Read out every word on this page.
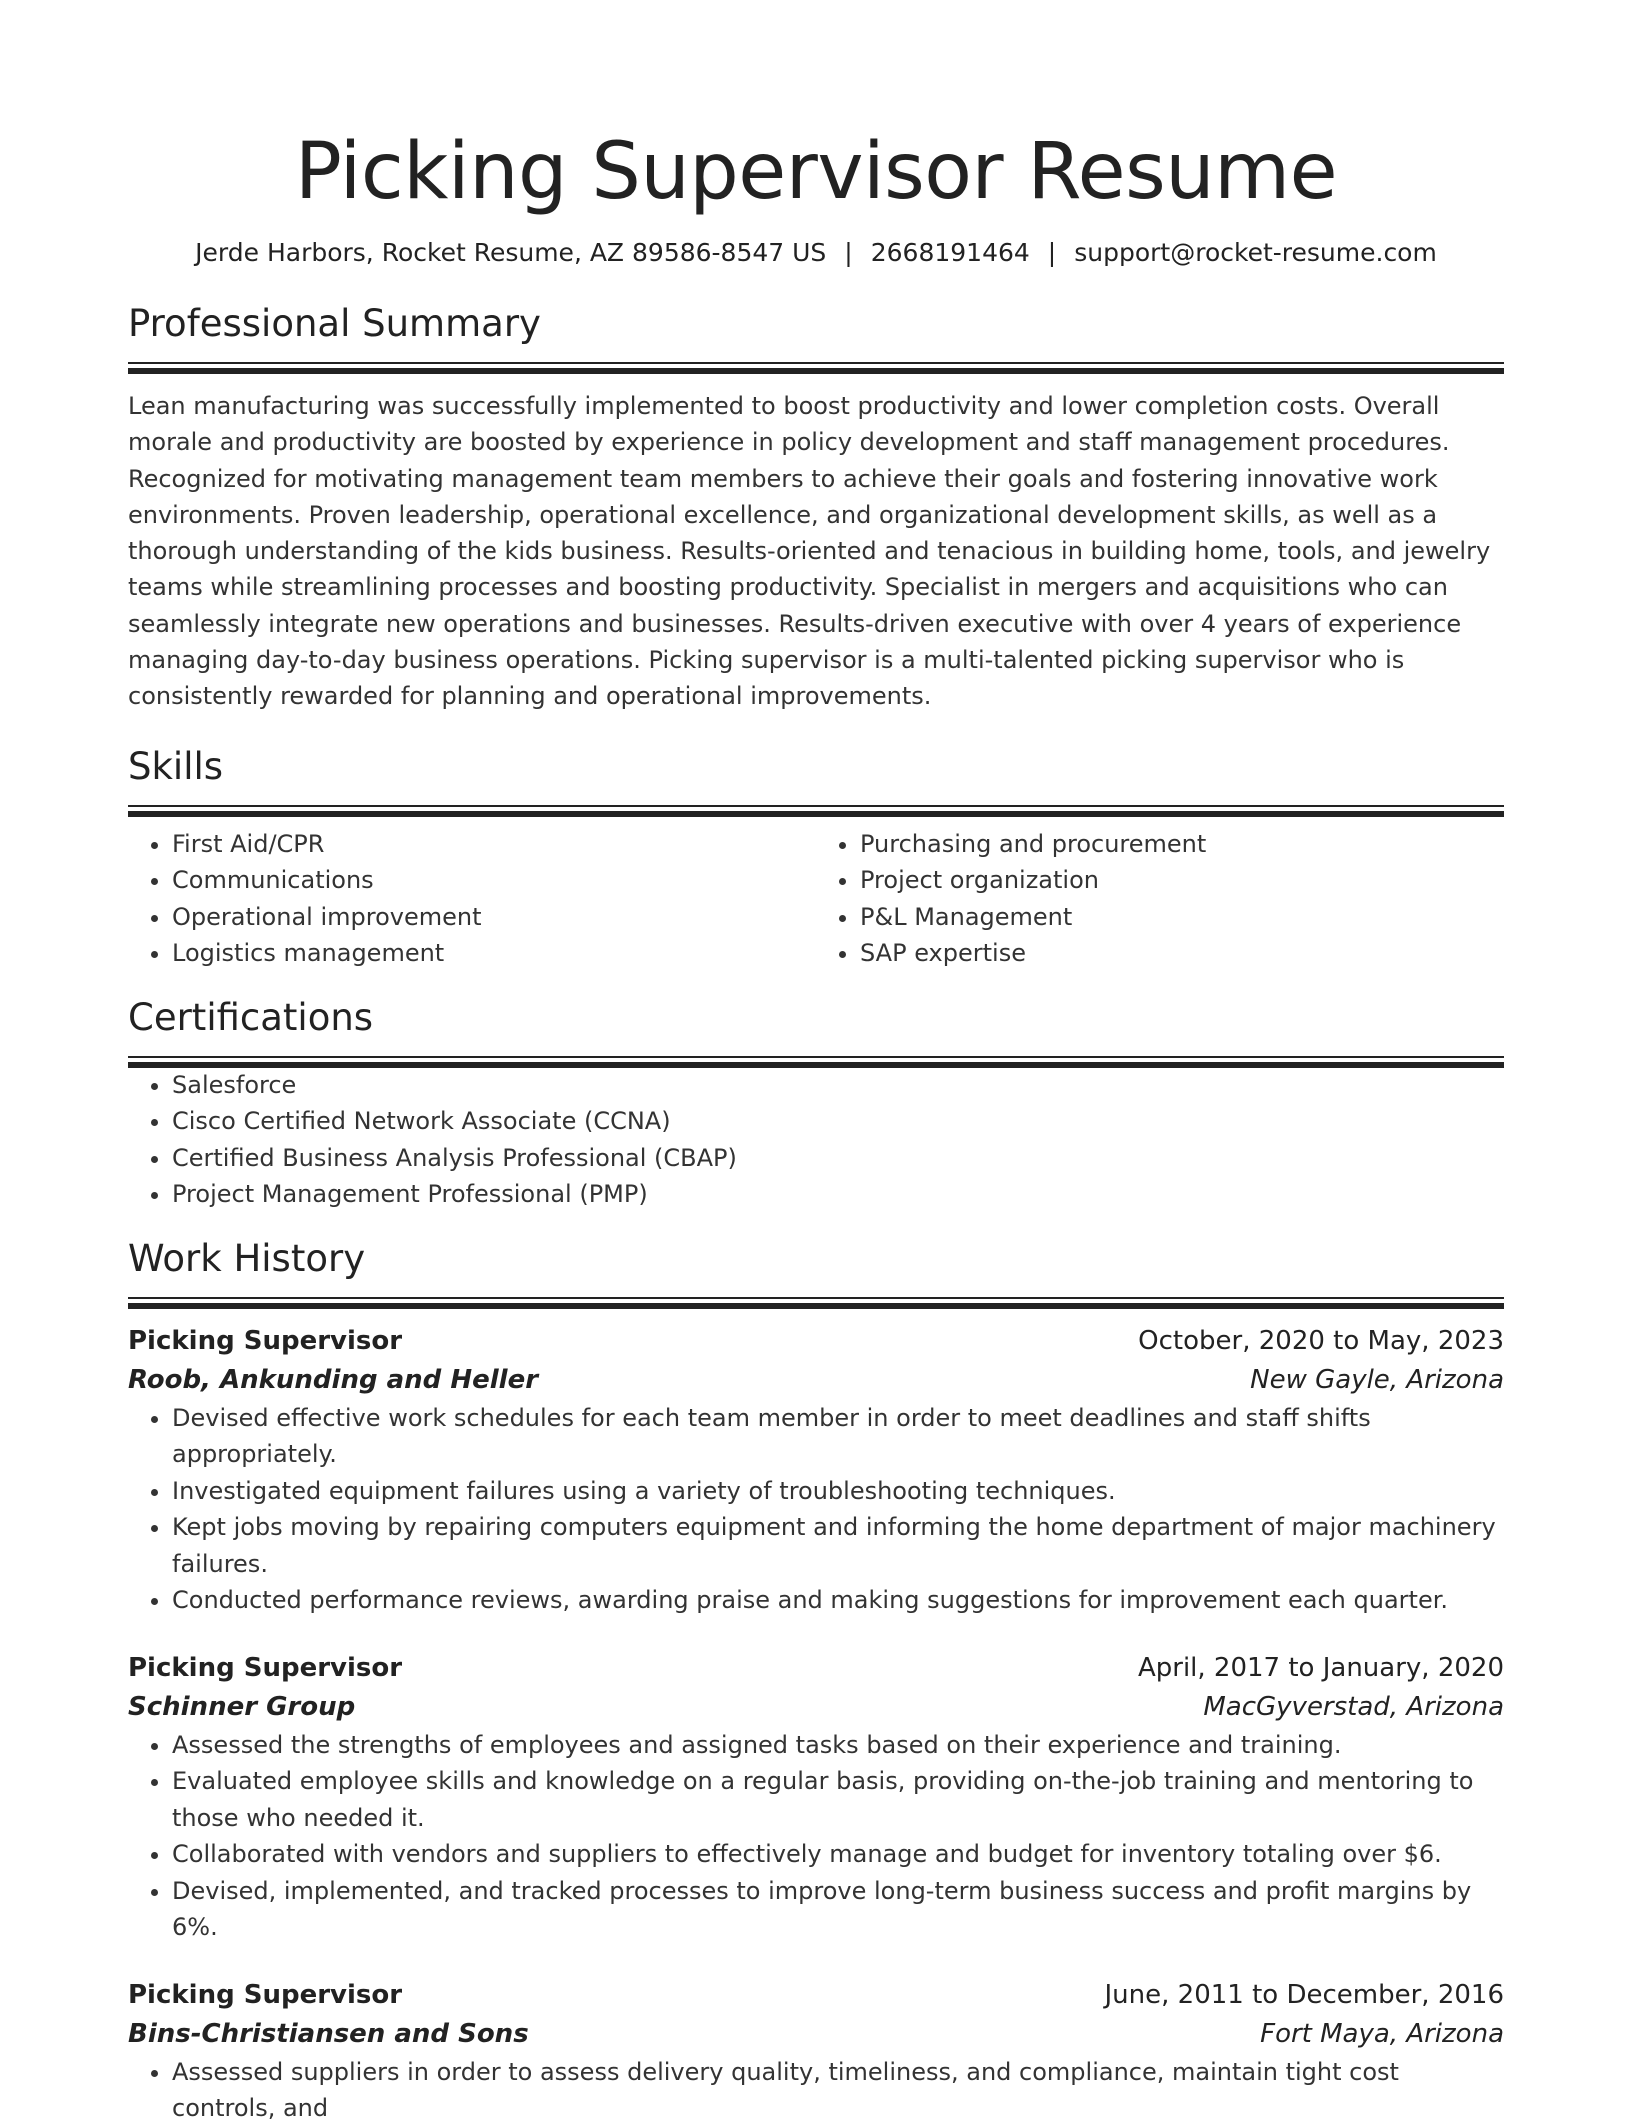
Picking Supervisor Resume
Jerde Harbors, Rocket Resume, AZ 89586-8547 US | 2668191464 | support@rocket-resume.com
Professional Summary
Lean manufacturing was successfully implemented to boost productivity and lower completion costs. Overall morale and productivity are boosted by experience in policy development and staff management procedures. Recognized for motivating management team members to achieve their goals and fostering innovative work environments. Proven leadership, operational excellence, and organizational development skills, as well as a thorough understanding of the kids business. Results-oriented and tenacious in building home, tools, and jewelry teams while streamlining processes and boosting productivity. Specialist in mergers and acquisitions who can seamlessly integrate new operations and businesses. Results-driven executive with over 4 years of experience managing day-to-day business operations. Picking supervisor is a multi-talented picking supervisor who is consistently rewarded for planning and operational improvements.
Skills
• First Aid/CPR
• Communications
• Operational improvement
• Logistics management
• Purchasing and procurement
• Project organization
• P&L Management
• SAP expertise
Certifications
• Salesforce
• Cisco Certified Network Associate (CCNA)
• Certified Business Analysis Professional (CBAP)
• Project Management Professional (PMP)
Work History
Picking Supervisor	October, 2020 to May, 2023
Roob, Ankunding and Heller	New Gayle, Arizona
• Devised effective work schedules for each team member in order to meet deadlines and staff shifts appropriately.
• Investigated equipment failures using a variety of troubleshooting techniques.
• Kept jobs moving by repairing computers equipment and informing the home department of major machinery failures.
• Conducted performance reviews, awarding praise and making suggestions for improvement each quarter.
Picking Supervisor	April, 2017 to January, 2020
Schinner Group	MacGyverstad, Arizona
• Assessed the strengths of employees and assigned tasks based on their experience and training.
• Evaluated employee skills and knowledge on a regular basis, providing on-the-job training and mentoring to those who needed it.
• Collaborated with vendors and suppliers to effectively manage and budget for inventory totaling over $6.
• Devised, implemented, and tracked processes to improve long-term business success and profit margins by 6%.
Picking Supervisor	June, 2011 to December, 2016
Bins-Christiansen and Sons	Fort Maya, Arizona
• Assessed suppliers in order to assess delivery quality, timeliness, and compliance, maintain tight cost controls, and
